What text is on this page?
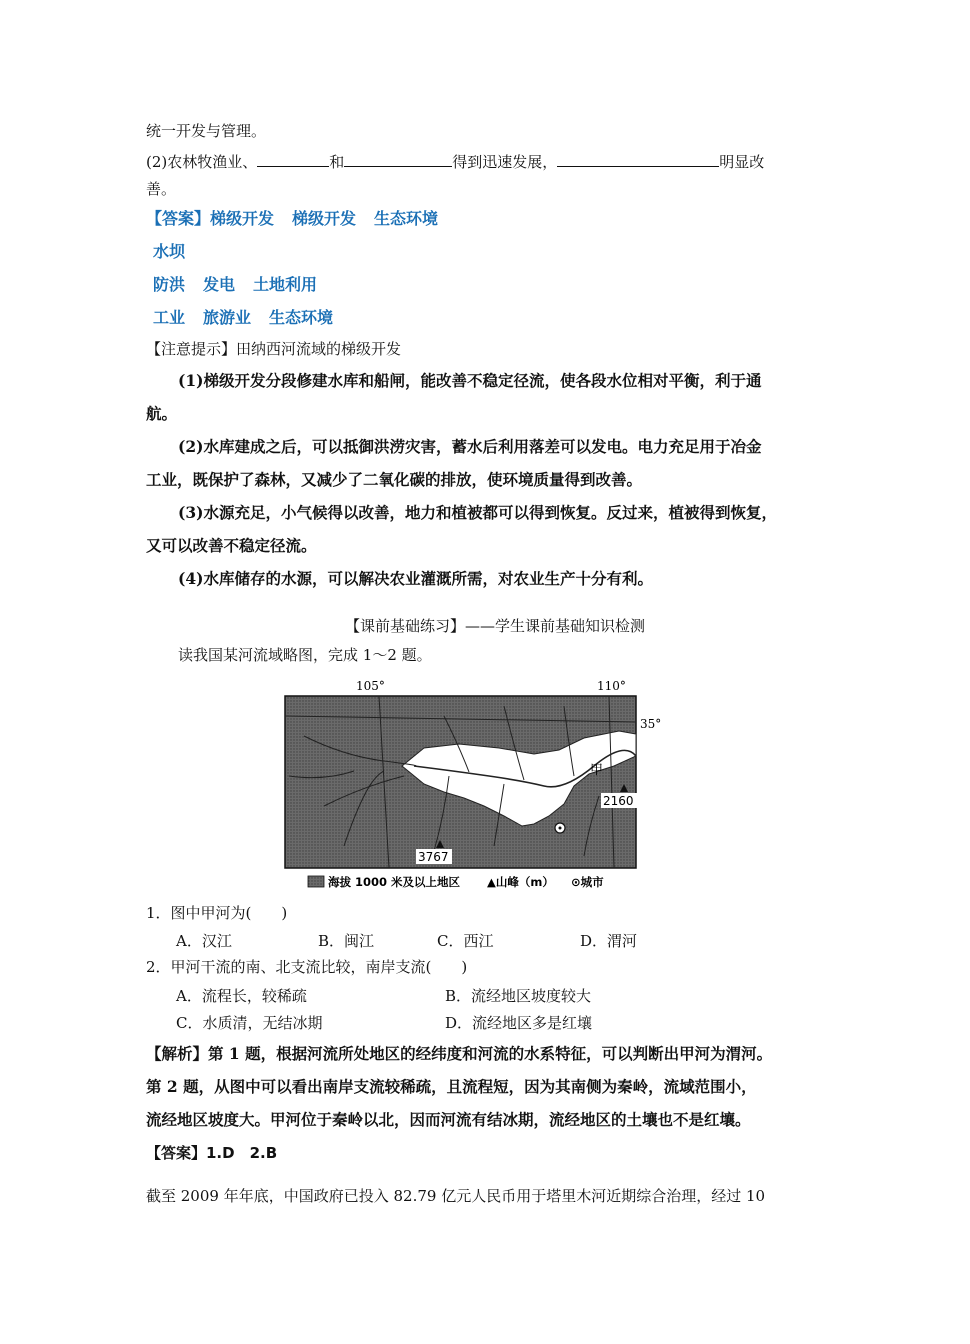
统一开发与管理。
(2)农林牧渔业、	和	得到迅速发展，	明显改
善。
【答案】梯级开发 梯级开发 生态环境
水坝
防洪 发电 土地利用
工业 旅游业 生态环境
【注意提示】田纳西河流域的梯级开发
(1)梯级开发分段修建水库和船闸，能改善不稳定径流，使各段水位相对平衡，利于通
航。
(2)水库建成之后，可以抵御洪涝灾害，蓄水后利用落差可以发电。电力充足用于冶金
工业，既保护了森林，又减少了二氧化碳的排放，使环境质量得到改善。
(3)水源充足，小气候得以改善，地力和植被都可以得到恢复。反过来，植被得到恢复，
又可以改善不稳定径流。
(4)水库储存的水源，可以解决农业灌溉所需，对农业生产十分有利。
【课前基础练习】——学生课前基础知识检测
读我国某河流域略图，完成 1～2 题。
105°	110°
35°
甲
2160
3767
海拔 1000 米及以上地区 ▲山峰（m） ⊙城市
1．图中甲河为(　　)
A．汉江	B．闽江	C．西江	D．渭河
2．甲河干流的南、北支流比较，南岸支流(　　)
A．流程长，较稀疏	B．流经地区坡度较大
C．水质清，无结冰期	D．流经地区多是红壤
【解析】第 1 题，根据河流所处地区的经纬度和河流的水系特征，可以判断出甲河为渭河。
第 2 题，从图中可以看出南岸支流较稀疏，且流程短，因为其南侧为秦岭，流域范围小，
流经地区坡度大。甲河位于秦岭以北，因而河流有结冰期，流经地区的土壤也不是红壤。
【答案】1.D　2.B
截至 2009 年年底，中国政府已投入 82.79 亿元人民币用于塔里木河近期综合治理，经过 10
